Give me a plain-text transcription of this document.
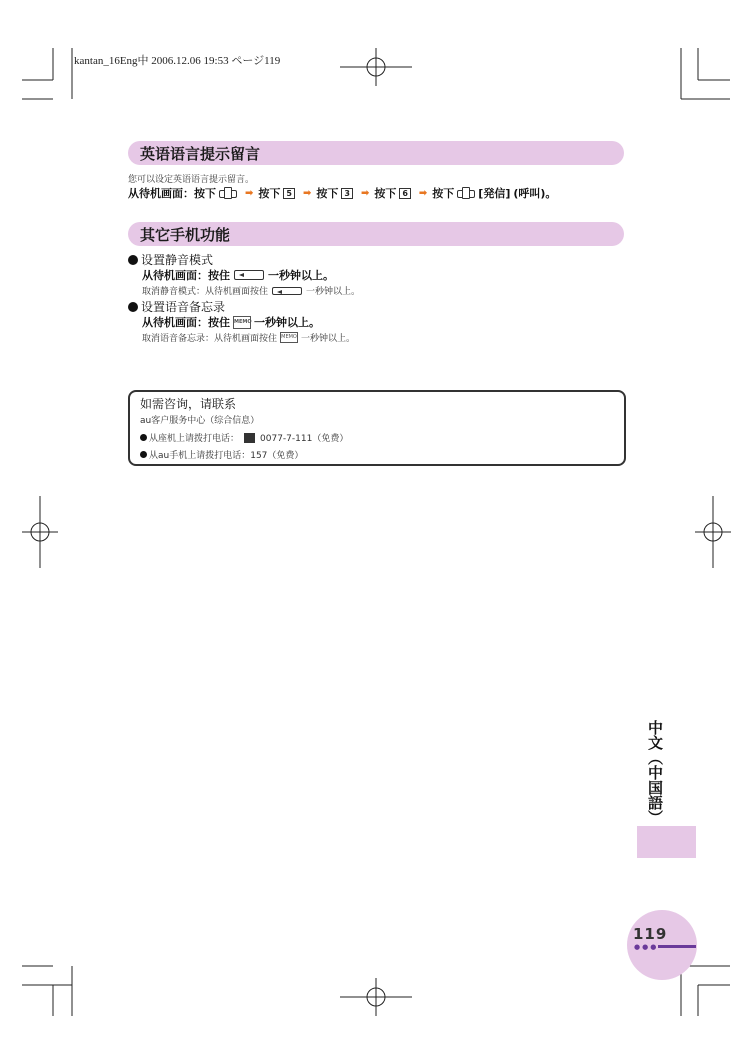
kantan_16Eng中 2006.12.06 19:53 ページ119
英语语言提示留言
您可以设定英语语言提示留言。
从待机画面：按下	➡ 按下 5	➡ 按下 3	➡ 按下 6	➡ 按下 [発信] (呼叫)。
其它手机功能
设置静音模式
从待机画面：按住	一秒钟以上。
取消静音模式：从待机画面按住	一秒钟以上。
设置语音备忘录
从待机画面：按住 MEMO 一秒钟以上。
取消语音备忘录：从待机画面按住 MEMO 一秒钟以上。
如需咨询，请联系
au客户服务中心（综合信息）
从座机上请拨打电话： 0077-7-111（免费）
从au手机上请拨打电话：157（免费）
中文（中国語）
119
●●●
